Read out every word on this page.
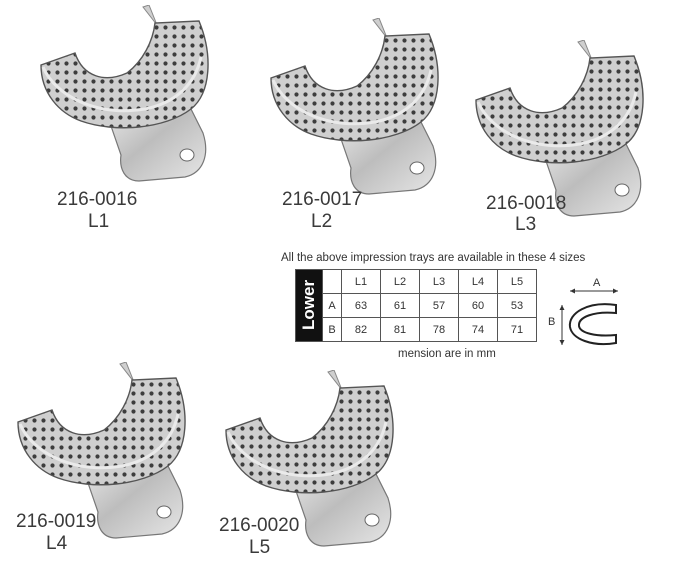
216-0016
L1
216-0017
L2
216-0018
L3
216-0019
L4
216-0020
L5
All the above impression trays are available in these 4 sizes
Lower		L1	L2	L3	L4	L5
	A	63	61	57	60	53
	B	82	81	78	74	71
mension are in mm
A
B
